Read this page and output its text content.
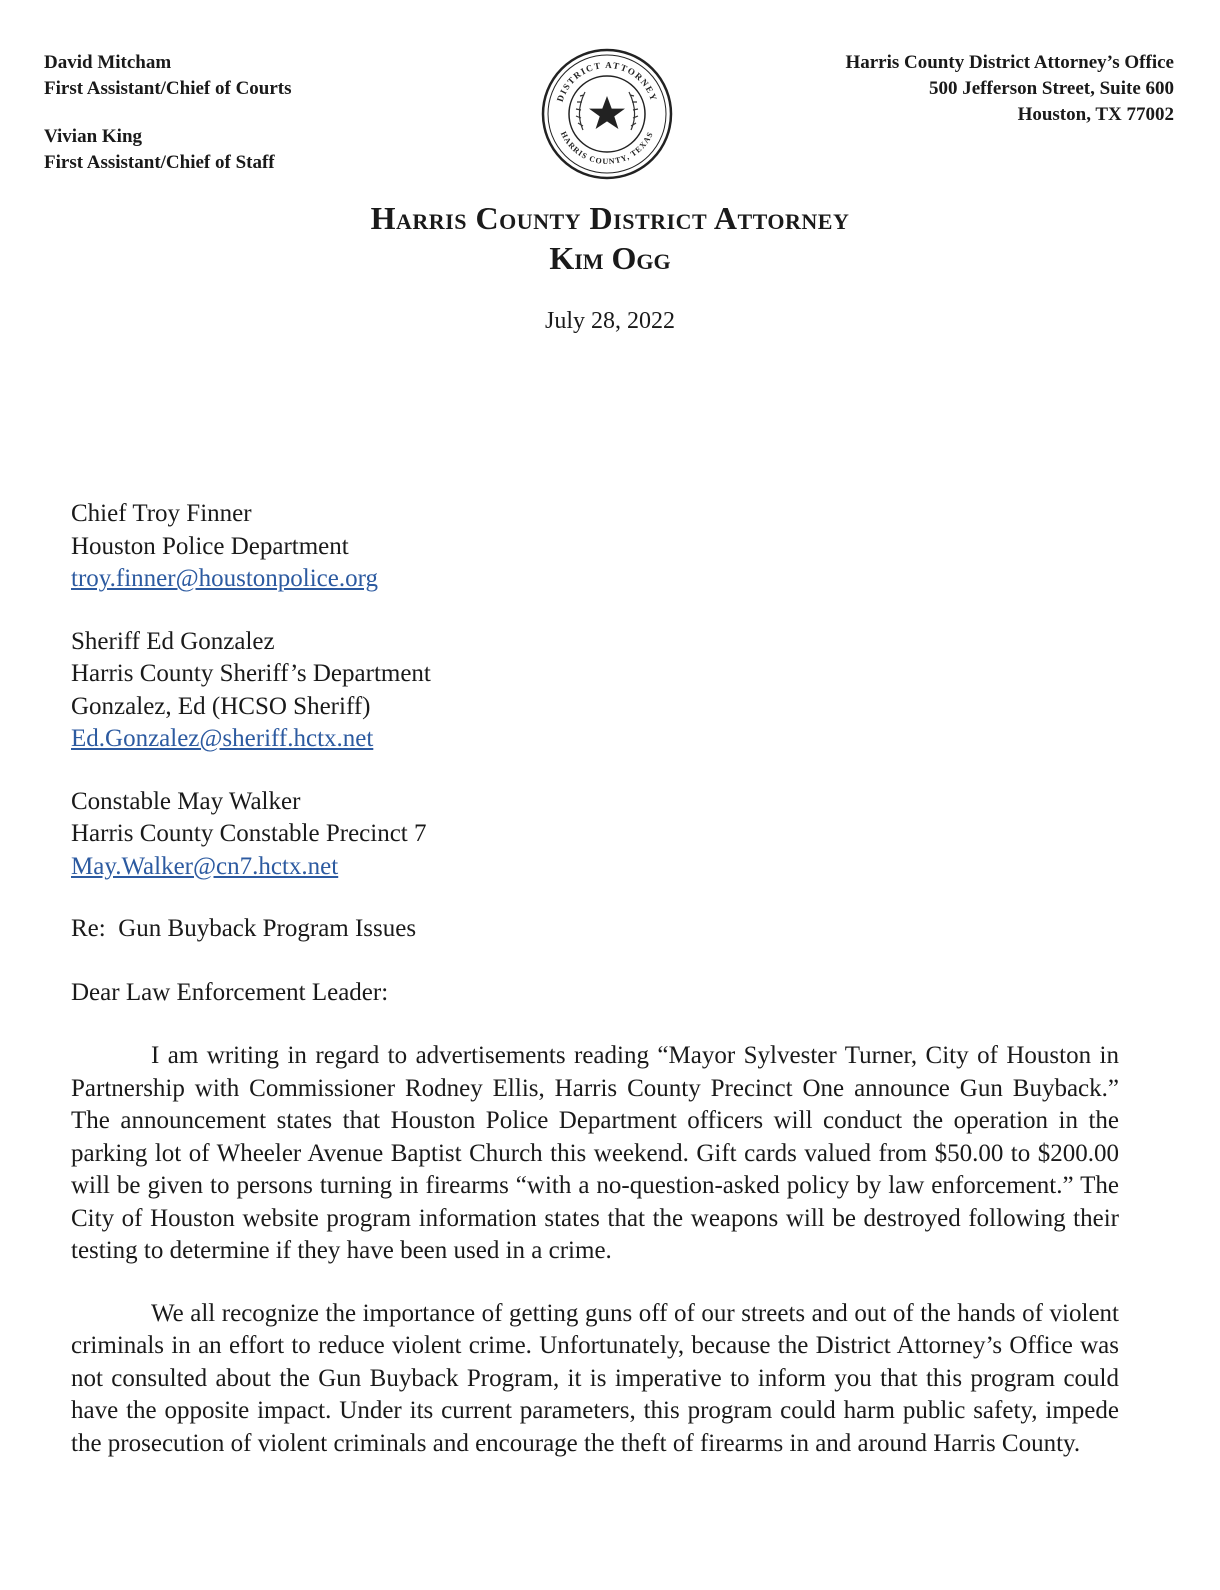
David Mitcham
First Assistant/Chief of Courts
Vivian King
First Assistant/Chief of Staff
DISTRICT ATTORNEY
HARRIS COUNTY, TEXAS
Harris County District Attorney’s Office
500 Jefferson Street, Suite 600
Houston, TX 77002
Harris County District Attorney
Kim Ogg
July 28, 2022
Chief Troy Finner
Houston Police Department
troy.finner@houstonpolice.org
Sheriff Ed Gonzalez
Harris County Sheriff’s Department
Gonzalez, Ed (HCSO Sheriff)
Ed.Gonzalez@sheriff.hctx.net
Constable May Walker
Harris County Constable Precinct 7
May.Walker@cn7.hctx.net
Re:  Gun Buyback Program Issues
Dear Law Enforcement Leader:

I am writing in regard to advertisements reading “Mayor Sylvester Turner, City of Houston in Partnership with Commissioner Rodney Ellis, Harris County Precinct One announce Gun Buyback.” The announcement states that Houston Police Department officers will conduct the operation in the parking lot of Wheeler Avenue Baptist Church this weekend. Gift cards valued from $50.00 to $200.00 will be given to persons turning in firearms “with a no-question-asked policy by law enforcement.” The City of Houston website program information states that the weapons will be destroyed following their testing to determine if they have been used in a crime.

We all recognize the importance of getting guns off of our streets and out of the hands of violent criminals in an effort to reduce violent crime. Unfortunately, because the District Attorney’s Office was not consulted about the Gun Buyback Program, it is imperative to inform you that this program could have the opposite impact. Under its current parameters, this program could harm public safety, impede the prosecution of violent criminals and encourage the theft of firearms in and around Harris County.
